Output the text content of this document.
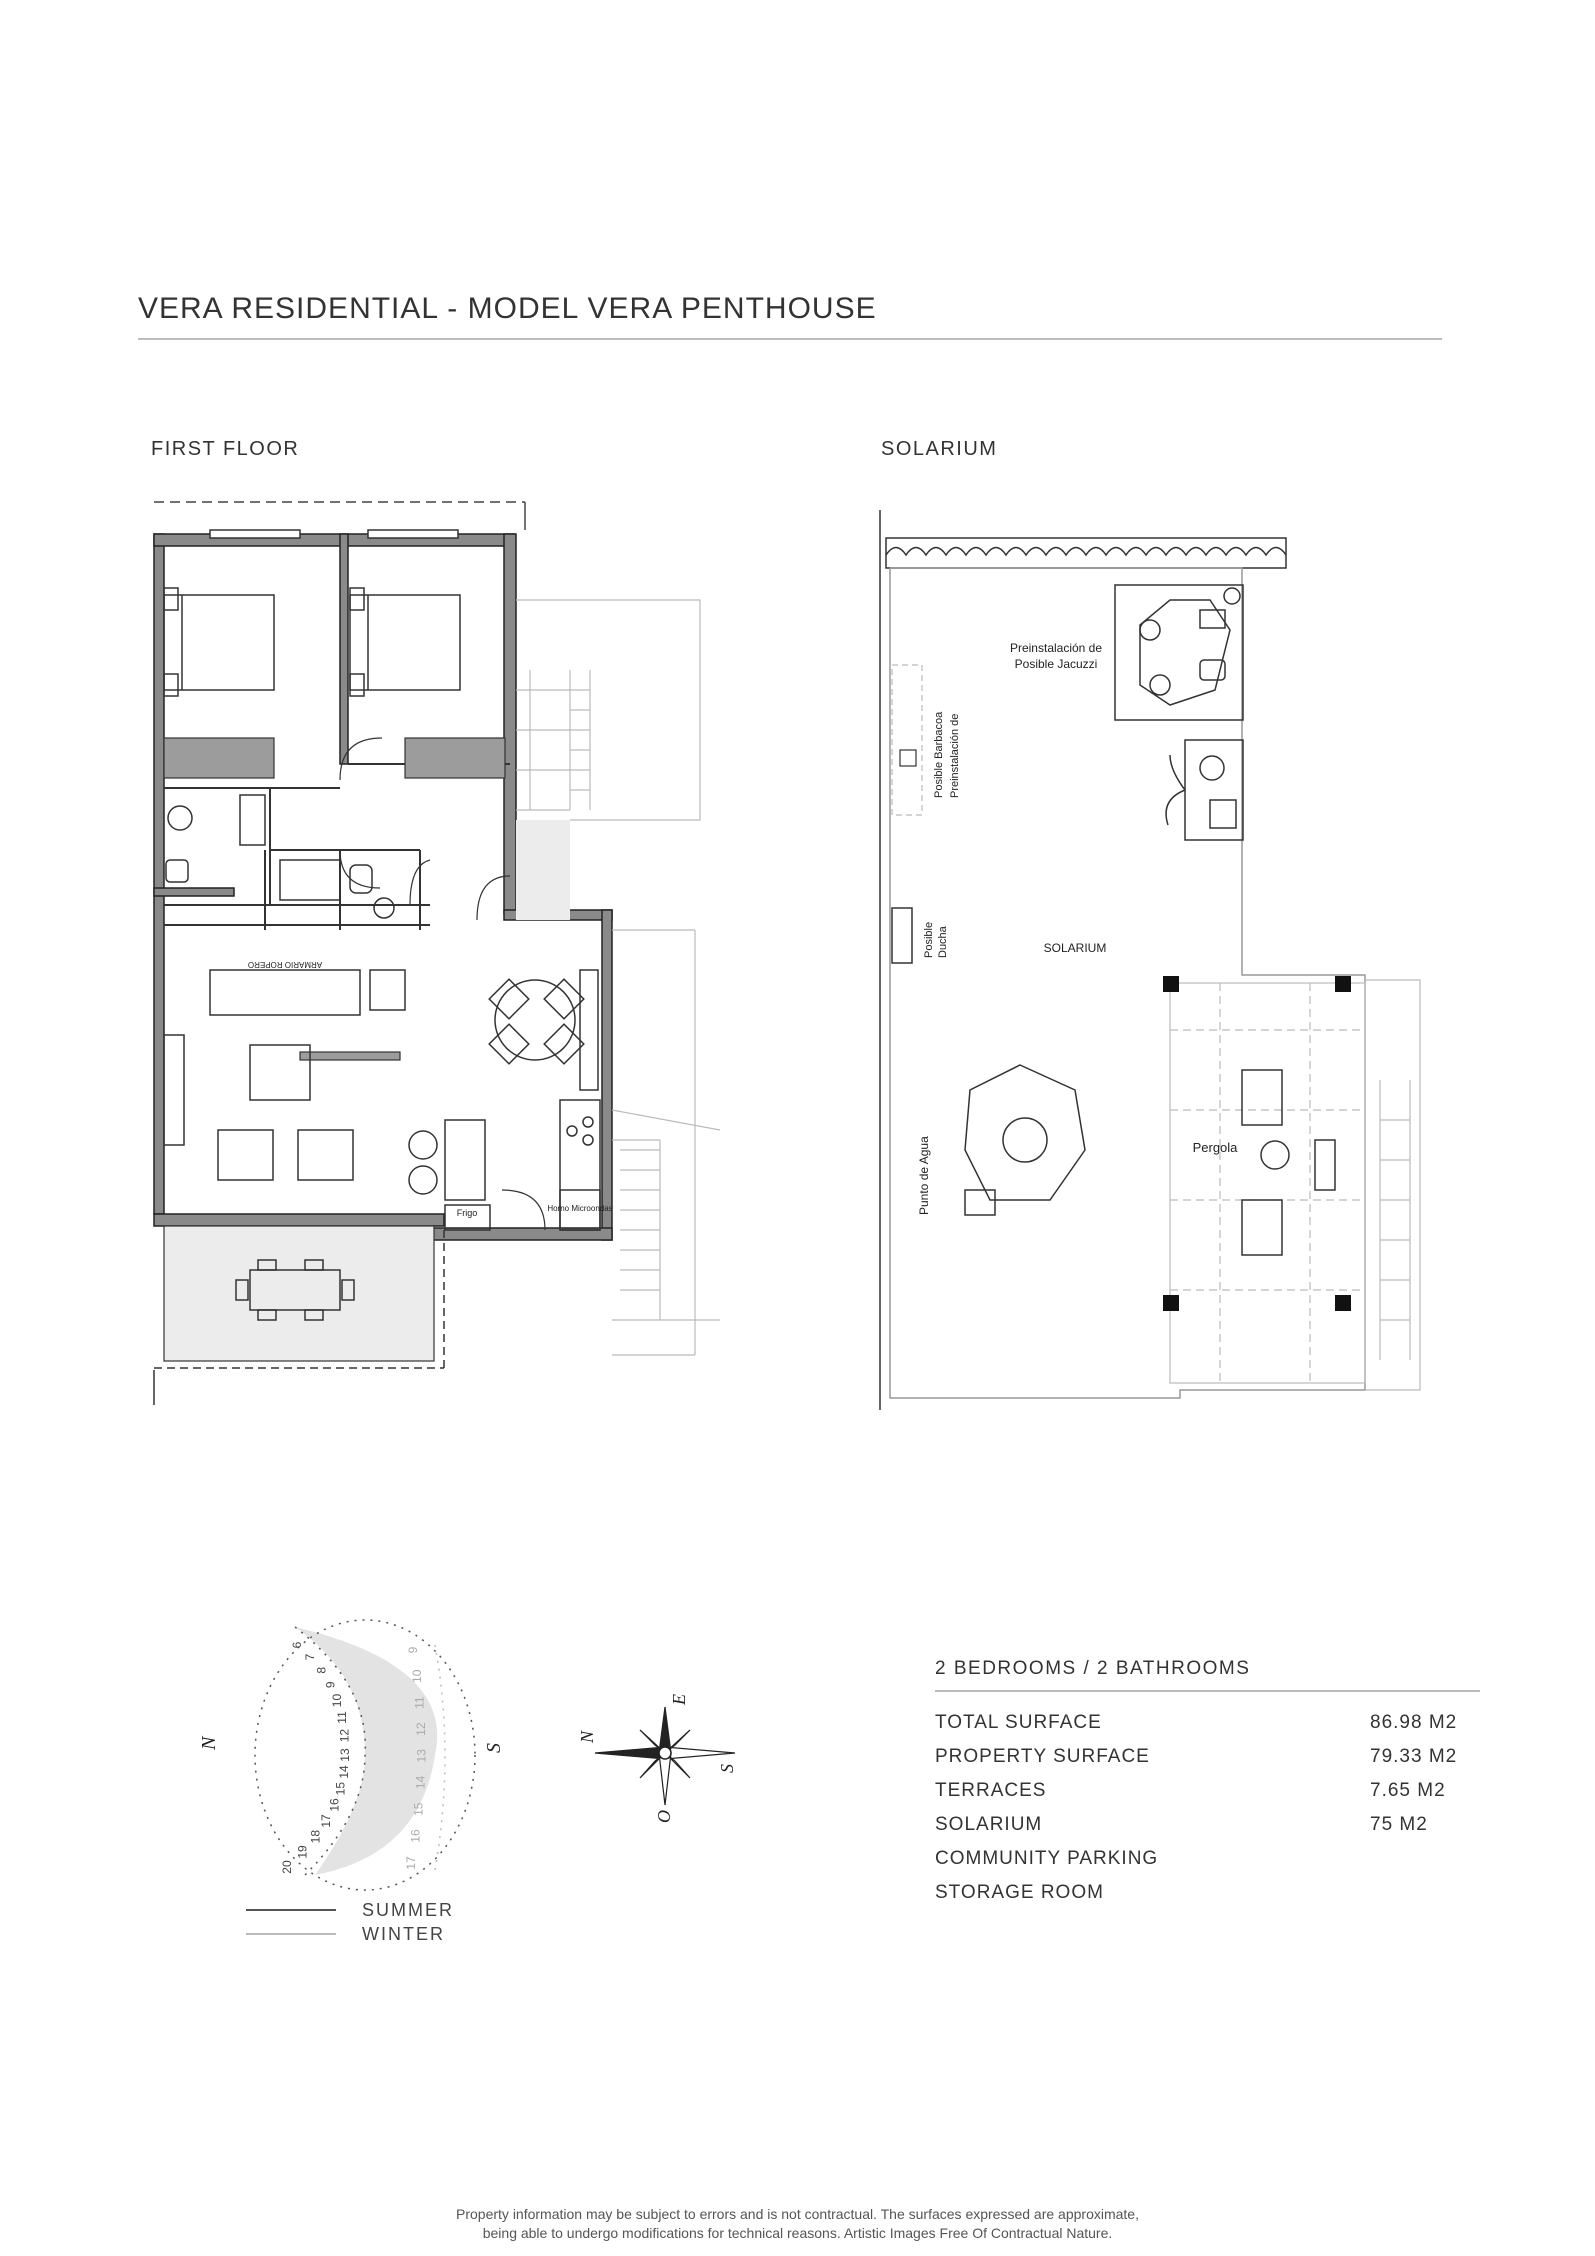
VERA RESIDENTIAL - MODEL VERA PENTHOUSE
FIRST FLOOR	SOLARIUM
Frigo	Horno Microondas
ARMARIO ROPERO
Preinstalación de
Posible Jacuzzi
Posible Barbacoa Preinstalación de
Posible Ducha	SOLARIUM
Pergola
Punto de Agua
N	S
6
7
8
9
10
11
12
13
14
15
16
17
18
19
20
9
10
11
12
13
14
15
16
17
N
E
S
O
SUMMER
WINTER
2 BEDROOMS / 2 BATHROOMS
TOTAL SURFACE	86.98 M2
PROPERTY SURFACE	79.33 M2
TERRACES	7.65 M2
SOLARIUM	75 M2
COMMUNITY PARKING
STORAGE ROOM
Property information may be subject to errors and is not contractual. The surfaces expressed are approximate,
being able to undergo modifications for technical reasons. Artistic Images Free Of Contractual Nature.
